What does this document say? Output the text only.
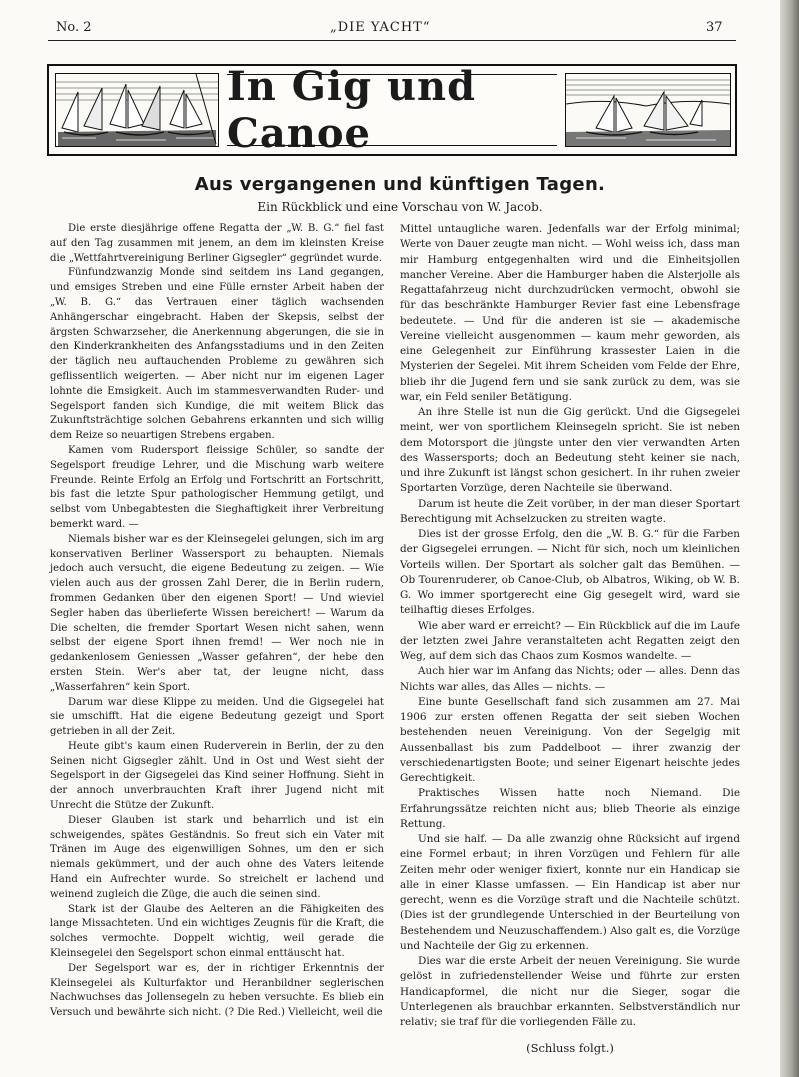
No. 2	„DIE YACHT“	37
In Gig und Canoe
Aus vergangenen und künftigen Tagen.
Ein Rückblick und eine Vorschau von W. Jacob.

Die erste diesjährige offene Regatta der „W. B. G.“ fiel fast auf den Tag zusammen mit jenem, an dem im kleinsten Kreise die „Wettfahrtvereinigung Berliner Gigsegler“ gegründet wurde.

Fünfundzwanzig Monde sind seitdem ins Land gegangen, und emsiges Streben und eine Fülle ernster Arbeit haben der „W. B. G.“ das Vertrauen einer täglich wachsenden Anhängerschar eingebracht. Haben der Skepsis, selbst der ärgsten Schwarzseher, die Anerkennung abgerungen, die sie in den Kinderkrankheiten des Anfangsstadiums und in den Zeiten der täglich neu auftauchenden Probleme zu gewähren sich geflissentlich weigerten. — Aber nicht nur im eigenen Lager lohnte die Emsigkeit. Auch im stammesverwandten Ruder- und Segelsport fanden sich Kundige, die mit weitem Blick das Zukunftsträchtige solchen Gebahrens erkannten und sich willig dem Reize so neuartigen Strebens ergaben.

Kamen vom Rudersport fleissige Schüler, so sandte der Segelsport freudige Lehrer, und die Mischung warb weitere Freunde. Reinte Erfolg an Erfolg und Fortschritt an Fortschritt, bis fast die letzte Spur pathologischer Hemmung getilgt, und selbst vom Unbegabtesten die Sieghaftigkeit ihrer Verbreitung bemerkt ward. —

Niemals bisher war es der Kleinsegelei gelungen, sich im arg konservativen Berliner Wassersport zu behaupten. Niemals jedoch auch versucht, die eigene Bedeutung zu zeigen. — Wie vielen auch aus der grossen Zahl Derer, die in Berlin rudern, frommen Gedanken über den eigenen Sport! — Und wieviel Segler haben das überlieferte Wissen bereichert! — Warum da Die schelten, die fremder Sportart Wesen nicht sahen, wenn selbst der eigene Sport ihnen fremd! — Wer noch nie in gedankenlosem Geniessen „Wasser gefahren“, der hebe den ersten Stein. Wer's aber tat, der leugne nicht, dass „Wasserfahren“ kein Sport.

Darum war diese Klippe zu meiden. Und die Gigsegelei hat sie umschifft. Hat die eigene Bedeutung gezeigt und Sport getrieben in all der Zeit.

Heute gibt's kaum einen Ruderverein in Berlin, der zu den Seinen nicht Gigsegler zählt. Und in Ost und West sieht der Segelsport in der Gigsegelei das Kind seiner Hoffnung. Sieht in der annoch unverbrauchten Kraft ihrer Jugend nicht mit Unrecht die Stütze der Zukunft.

Dieser Glauben ist stark und beharrlich und ist ein schweigendes, spätes Geständnis. So freut sich ein Vater mit Tränen im Auge des eigenwilligen Sohnes, um den er sich niemals gekümmert, und der auch ohne des Vaters leitende Hand ein Aufrechter wurde. So streichelt er lachend und weinend zugleich die Züge, die auch die seinen sind.

Stark ist der Glaube des Aelteren an die Fähigkeiten des lange Missachteten. Und ein wichtiges Zeugnis für die Kraft, die solches vermochte. Doppelt wichtig, weil gerade die Kleinsegelei den Segelsport schon einmal enttäuscht hat.

Der Segelsport war es, der in richtiger Erkenntnis der Kleinsegelei als Kulturfaktor und Heranbildner seglerischen Nachwuchses das Jollensegeln zu heben versuchte. Es blieb ein Versuch und bewährte sich nicht. (? Die Red.) Vielleicht, weil die

Mittel untaugliche waren. Jedenfalls war der Erfolg minimal; Werte von Dauer zeugte man nicht. — Wohl weiss ich, dass man mir Hamburg entgegenhalten wird und die Einheitsjollen mancher Vereine. Aber die Hamburger haben die Alsterjolle als Regattafahrzeug nicht durchzudrücken vermocht, obwohl sie für das beschränkte Hamburger Revier fast eine Lebensfrage bedeutete. — Und für die anderen ist sie — akademische Vereine vielleicht ausgenommen — kaum mehr geworden, als eine Gelegenheit zur Einführung krassester Laien in die Mysterien der Segelei. Mit ihrem Scheiden vom Felde der Ehre, blieb ihr die Jugend fern und sie sank zurück zu dem, was sie war, ein Feld seniler Betätigung.

An ihre Stelle ist nun die Gig gerückt. Und die Gigsegelei meint, wer von sportlichem Kleinsegeln spricht. Sie ist neben dem Motorsport die jüngste unter den vier verwandten Arten des Wassersports; doch an Bedeutung steht keiner sie nach, und ihre Zukunft ist längst schon gesichert. In ihr ruhen zweier Sportarten Vorzüge, deren Nachteile sie überwand.

Darum ist heute die Zeit vorüber, in der man dieser Sportart Berechtigung mit Achselzucken zu streiten wagte.

Dies ist der grosse Erfolg, den die „W. B. G.“ für die Farben der Gigsegelei errungen. — Nicht für sich, noch um kleinlichen Vorteils willen. Der Sportart als solcher galt das Bemühen. — Ob Tourenruderer, ob Canoe-Club, ob Albatros, Wiking, ob W. B. G. Wo immer sportgerecht eine Gig gesegelt wird, ward sie teilhaftig dieses Erfolges.

Wie aber ward er erreicht? — Ein Rückblick auf die im Laufe der letzten zwei Jahre veranstalteten acht Regatten zeigt den Weg, auf dem sich das Chaos zum Kosmos wandelte. —

Auch hier war im Anfang das Nichts; oder — alles. Denn das Nichts war alles, das Alles — nichts. —

Eine bunte Gesellschaft fand sich zusammen am 27. Mai 1906 zur ersten offenen Regatta der seit sieben Wochen bestehenden neuen Vereinigung. Von der Segelgig mit Aussenballast bis zum Paddelboot — ihrer zwanzig der verschiedenartigsten Boote; und seiner Eigenart heischte jedes Gerechtigkeit.

Praktisches Wissen hatte noch Niemand. Die Erfahrungssätze reichten nicht aus; blieb Theorie als einzige Rettung.

Und sie half. — Da alle zwanzig ohne Rücksicht auf irgend eine Formel erbaut; in ihren Vorzügen und Fehlern für alle Zeiten mehr oder weniger fixiert, konnte nur ein Handicap sie alle in einer Klasse umfassen. — Ein Handicap ist aber nur gerecht, wenn es die Vorzüge straft und die Nachteile schützt. (Dies ist der grundlegende Unterschied in der Beurteilung von Bestehendem und Neuzuschaffendem.) Also galt es, die Vorzüge und Nachteile der Gig zu erkennen.

Dies war die erste Arbeit der neuen Vereinigung. Sie wurde gelöst in zufriedenstellender Weise und führte zur ersten Handicapformel, die nicht nur die Sieger, sogar die Unterlegenen als brauchbar erkannten. Selbstverständlich nur relativ; sie traf für die vorliegenden Fälle zu.

(Schluss folgt.)
